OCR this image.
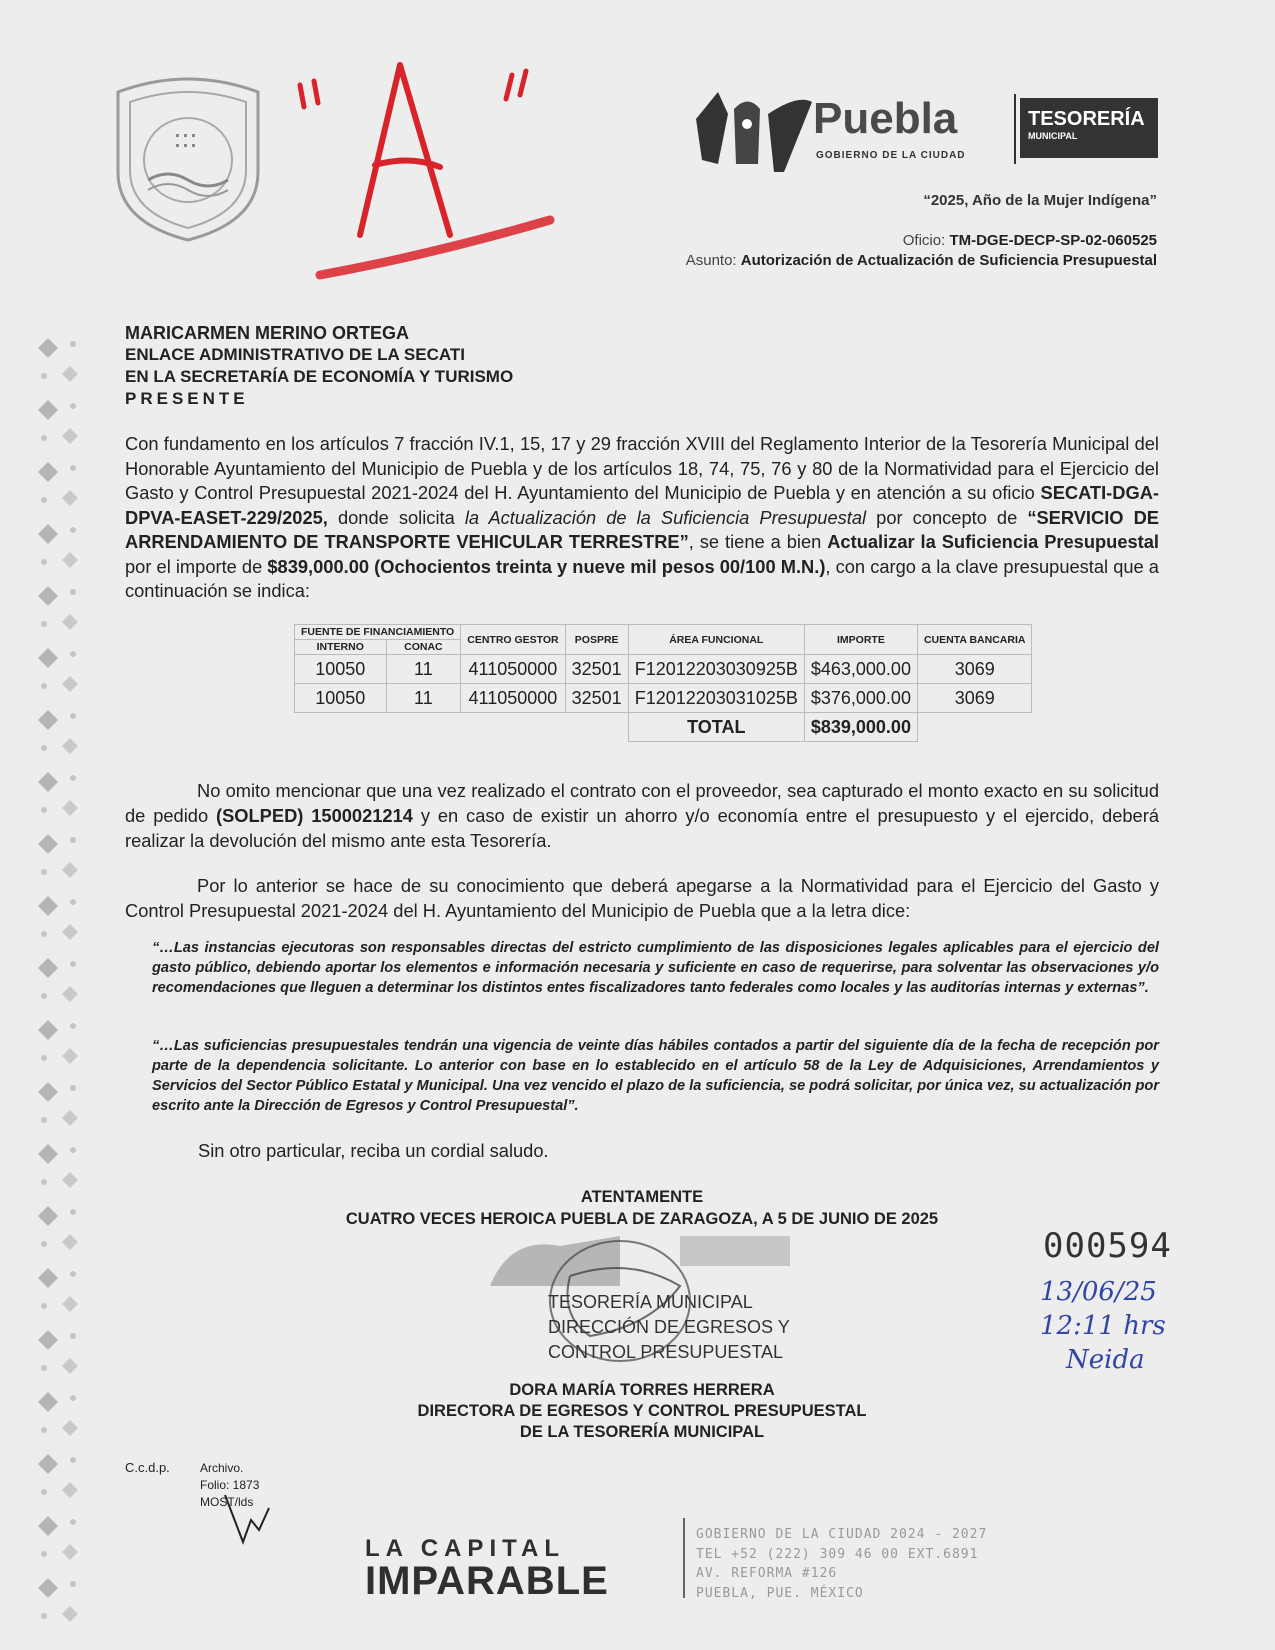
"A"
Puebla
GOBIERNO DE LA CIUDAD
TESORERÍA
MUNICIPAL
“2025, Año de la Mujer Indígena”
Oficio: TM-DGE-DECP-SP-02-060525
Asunto: Autorización de Actualización de Suficiencia Presupuestal
MARICARMEN MERINO ORTEGA
ENLACE ADMINISTRATIVO DE LA SECATI
EN LA SECRETARÍA DE ECONOMÍA Y TURISMO
PRESENTE
Con fundamento en los artículos 7 fracción IV.1, 15, 17 y 29 fracción XVIII del Reglamento Interior de la Tesorería Municipal del Honorable Ayuntamiento del Municipio de Puebla y de los artículos 18, 74, 75, 76 y 80 de la Normatividad para el Ejercicio del Gasto y Control Presupuestal 2021-2024 del H. Ayuntamiento del Municipio de Puebla y en atención a su oficio SECATI-DGA-DPVA-EASET-229/2025, donde solicita la Actualización de la Suficiencia Presupuestal por concepto de “SERVICIO DE ARRENDAMIENTO DE TRANSPORTE VEHICULAR TERRESTRE”, se tiene a bien Actualizar la Suficiencia Presupuestal por el importe de $839,000.00 (Ochocientos treinta y nueve mil pesos 00/100 M.N.), con cargo a la clave presupuestal que a continuación se indica:
FUENTE DE FINANCIAMIENTO		CENTRO GESTOR	POSPRE	ÁREA FUNCIONAL	IMPORTE	CUENTA BANCARIA
INTERNO	CONAC					
10050	11	411050000	32501	F12012203030925B	$463,000.00	3069
10050	11	411050000	32501	F12012203031025B	$376,000.00	3069
				TOTAL	$839,000.00	
No omito mencionar que una vez realizado el contrato con el proveedor, sea capturado el monto exacto en su solicitud de pedido (SOLPED) 1500021214 y en caso de existir un ahorro y/o economía entre el presupuesto y el ejercido, deberá realizar la devolución del mismo ante esta Tesorería.
Por lo anterior se hace de su conocimiento que deberá apegarse a la Normatividad para el Ejercicio del Gasto y Control Presupuestal 2021-2024 del H. Ayuntamiento del Municipio de Puebla que a la letra dice:
“…Las instancias ejecutoras son responsables directas del estricto cumplimiento de las disposiciones legales aplicables para el ejercicio del gasto público, debiendo aportar los elementos e información necesaria y suficiente en caso de requerirse, para solventar las observaciones y/o recomendaciones que lleguen a determinar los distintos entes fiscalizadores tanto federales como locales y las auditorías internas y externas”.
“…Las suficiencias presupuestales tendrán una vigencia de veinte días hábiles contados a partir del siguiente día de la fecha de recepción por parte de la dependencia solicitante. Lo anterior con base en lo establecido en el artículo 58 de la Ley de Adquisiciones, Arrendamientos y Servicios del Sector Público Estatal y Municipal. Una vez vencido el plazo de la suficiencia, se podrá solicitar, por única vez, su actualización por escrito ante la Dirección de Egresos y Control Presupuestal”.
Sin otro particular, reciba un cordial saludo.
ATENTAMENTE
CUATRO VECES HEROICA PUEBLA DE ZARAGOZA, A 5 DE JUNIO DE 2025
TESORERÍA MUNICIPAL
DIRECCIÓN DE EGRESOS Y
CONTROL PRESUPUESTAL
DORA MARÍA TORRES HERRERA
DIRECTORA DE EGRESOS Y CONTROL PRESUPUESTAL
DE LA TESORERÍA MUNICIPAL
000594
13/06/25
12:11 hrs
Neida
C.c.d.p.	Archivo.
Folio: 1873
MOST/lds
LA CAPITAL
IMPARABLE
GOBIERNO DE LA CIUDAD 2024 - 2027
TEL +52 (222) 309 46 00 EXT.6891
AV. REFORMA #126
PUEBLA, PUE. MÉXICO
